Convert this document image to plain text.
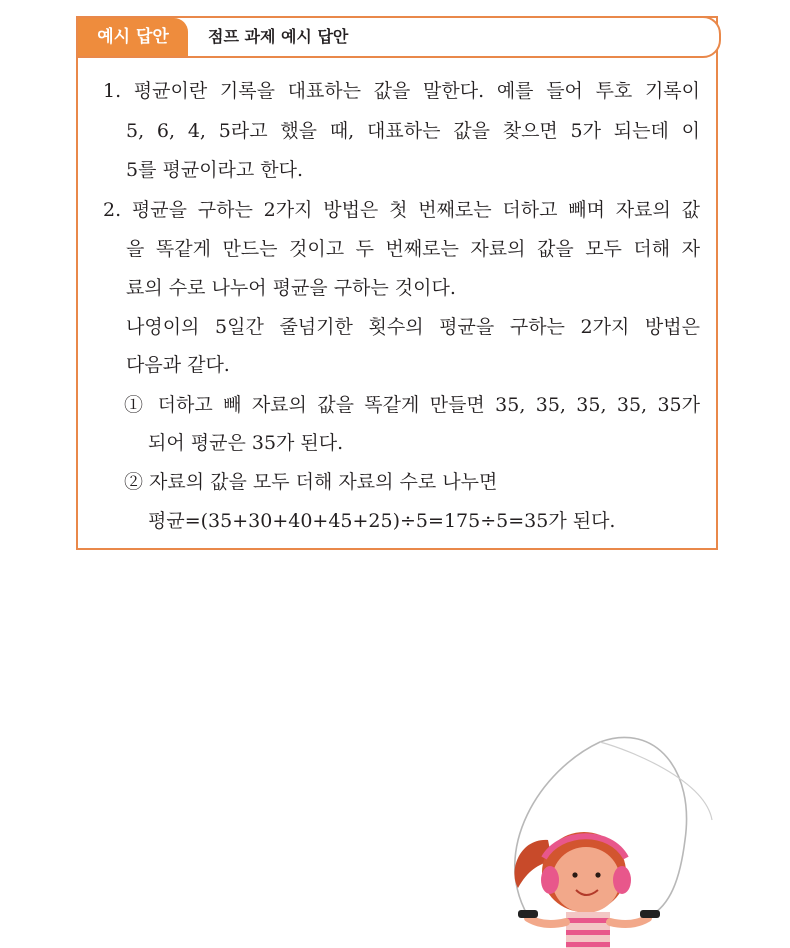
예시 답안	점프 과제 예시 답안
1. 평균이란 기록을 대표하는 값을 말한다. 예를 들어 투호 기록이
5, 6, 4, 5라고 했을 때, 대표하는 값을 찾으면 5가 되는데 이
5를 평균이라고 한다.
2. 평균을 구하는 2가지 방법은 첫 번째로는 더하고 빼며 자료의 값
을 똑같게 만드는 것이고 두 번째로는 자료의 값을 모두 더해 자
료의 수로 나누어 평균을 구하는 것이다.
나영이의 5일간 줄넘기한 횟수의 평균을 구하는 2가지 방법은
다음과 같다.
① 더하고 빼 자료의 값을 똑같게 만들면 35, 35, 35, 35, 35가
되어 평균은 35가 된다.
② 자료의 값을 모두 더해 자료의 수로 나누면
평균=(35+30+40+45+25)÷5=175÷5=35가 된다.
